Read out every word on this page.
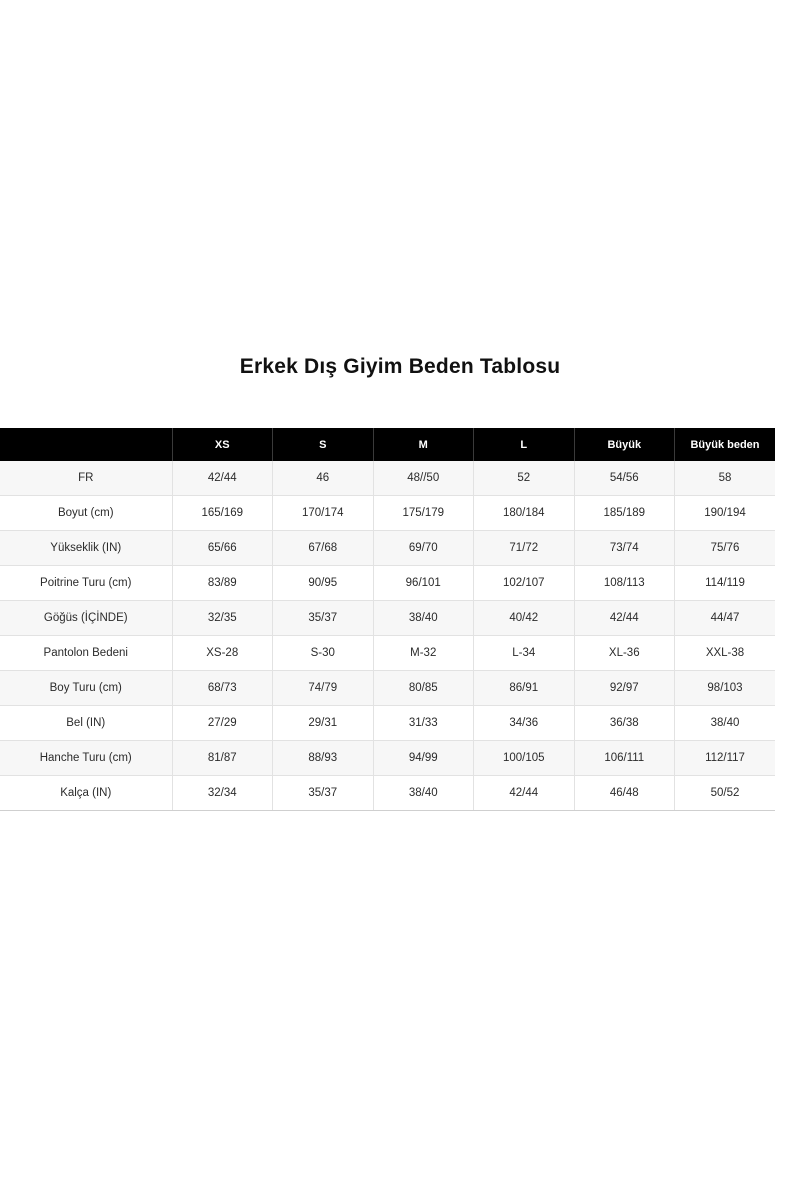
Erkek Dış Giyim Beden Tablosu
	XS	S	M	L	Büyük	Büyük beden
FR	42/44	46	48//50	52	54/56	58
Boyut (cm)	165/169	170/174	175/179	180/184	185/189	190/194
Yükseklik (IN)	65/66	67/68	69/70	71/72	73/74	75/76
Poitrine Turu (cm)	83/89	90/95	96/101	102/107	108/113	114/119
Göğüs (İÇİNDE)	32/35	35/37	38/40	40/42	42/44	44/47
Pantolon Bedeni	XS-28	S-30	M-32	L-34	XL-36	XXL-38
Boy Turu (cm)	68/73	74/79	80/85	86/91	92/97	98/103
Bel (IN)	27/29	29/31	31/33	34/36	36/38	38/40
Hanche Turu (cm)	81/87	88/93	94/99	100/105	106/111	112/117
Kalça (IN)	32/34	35/37	38/40	42/44	46/48	50/52
